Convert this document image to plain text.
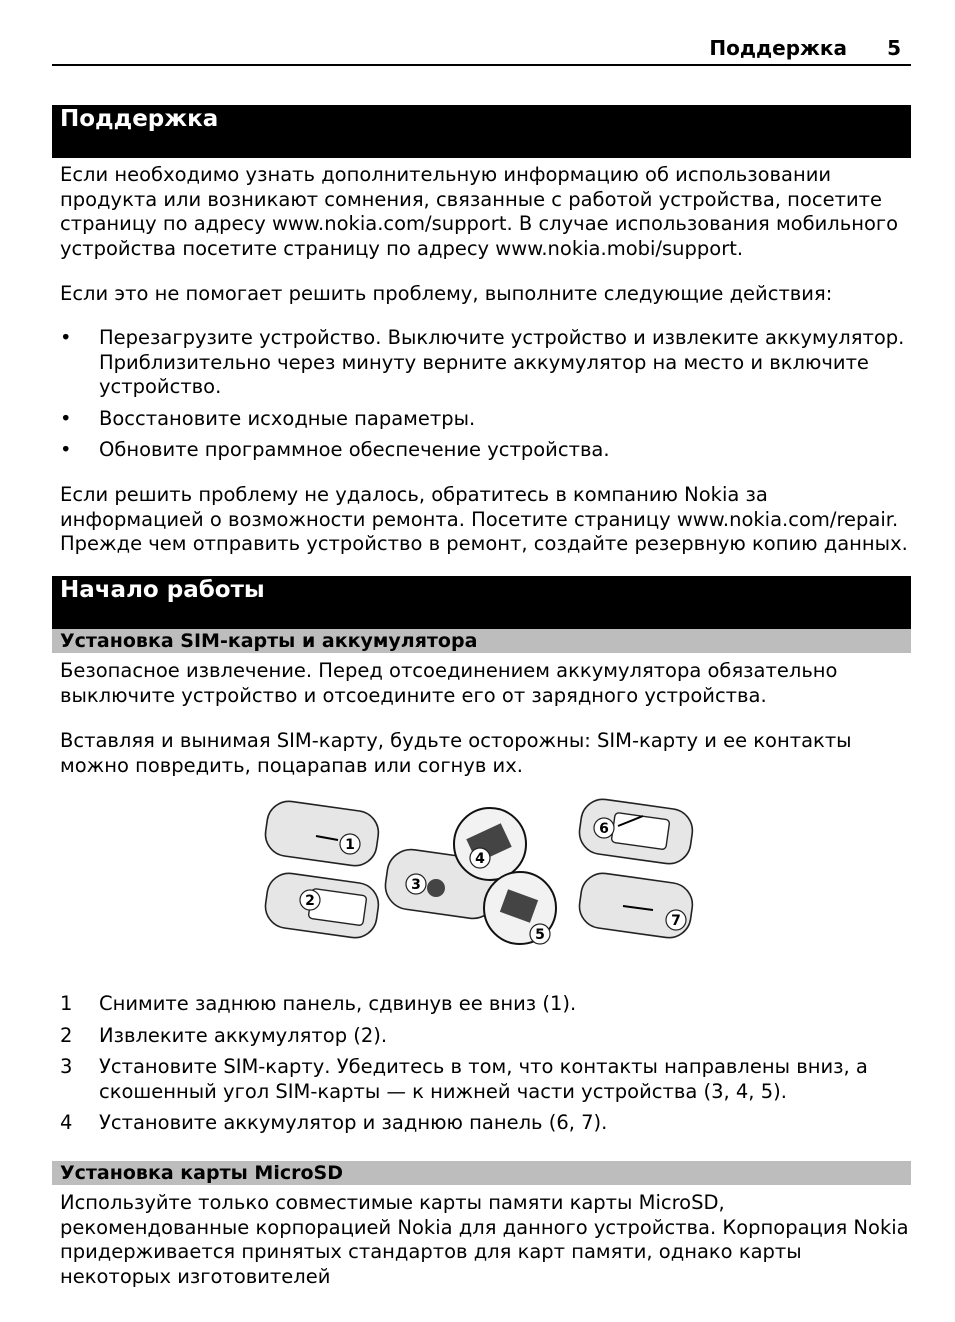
Поддержка 5
Поддержка

Если необходимо узнать дополнительную информацию об использовании продукта или возникают сомнения, связанные с работой устройства, посетите страницу по адресу www.nokia.com/support. В случае использования мобильного устройства посетите страницу по адресу www.nokia.mobi/support.

Если это не помогает решить проблему, выполните следующие действия:

• Перезагрузите устройство. Выключите устройство и извлеките аккумулятор. Приблизительно через минуту верните аккумулятор на место и включите устройство.
• Восстановите исходные параметры.
• Обновите программное обеспечение устройства.

Если решить проблему не удалось, обратитесь в компанию Nokia за информацией о возможности ремонта. Посетите страницу www.nokia.com/repair. Прежде чем отправить устройство в ремонт, создайте резервную копию данных.

Начало работы
Установка SIM-карты и аккумулятора

Безопасное извлечение. Перед отсоединением аккумулятора обязательно выключите устройство и отсоедините его от зарядного устройства.

Вставляя и вынимая SIM-карту, будьте осторожны: SIM-карту и ее контакты можно повредить, поцарапав или согнув их.

1
2
3
4
5
6
7
1 Снимите заднюю панель, сдвинув ее вниз (1).
2 Извлеките аккумулятор (2).
3 Установите SIM-карту. Убедитесь в том, что контакты направлены вниз, а скошенный угол SIM-карты — к нижней части устройства (3, 4, 5).
4 Установите аккумулятор и заднюю панель (6, 7).
Установка карты MicroSD

Используйте только совместимые карты памяти карты MicroSD, рекомендованные корпорацией Nokia для данного устройства. Корпорация Nokia придерживается принятых стандартов для карт памяти, однако карты некоторых изготовителей
